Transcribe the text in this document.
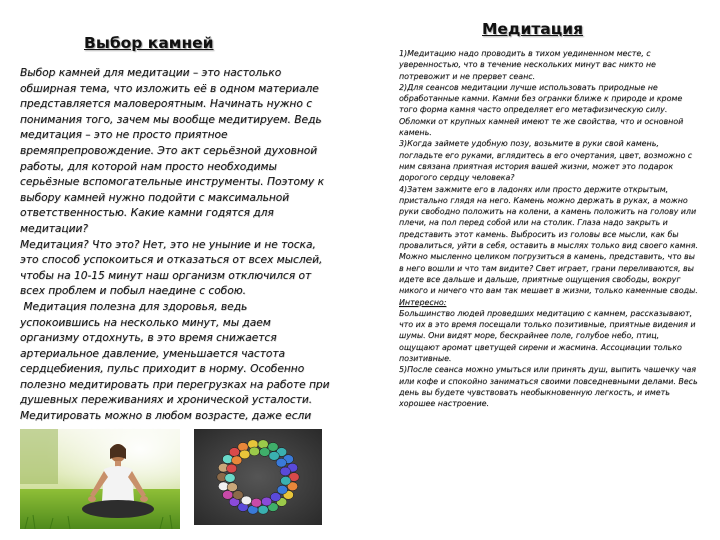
Выбор камней

Выбор камней для медитации – это настолько обширная тема, что изложить её в одном материале представляется маловероятным. Начинать нужно с понимания того, зачем мы вообще медитируем. Ведь медитация – это не просто приятное времяпрепровождение. Это акт серьёзной духовной работы, для которой нам просто необходимы серьёзные вспомогательные инструменты. Поэтому к выбору камней нужно подойти с максимальной ответственностью. Какие камни годятся для медитации?

Медитация? Что это? Нет, это не уныние и не тоска, это способ успокоиться и отказаться от всех мыслей, чтобы на 10-15 минут наш организм отключился от всех проблем и побыл наедине с собою.

Медитация полезна для здоровья, ведь успокоившись на несколько минут, мы даем организму отдохнуть, в это время снижается артериальное давление, уменьшается частота сердцебиения, пульс приходит в норму. Особенно полезно медитировать при перегрузках на работе при душевных переживаниях и хронической усталости. Медитировать можно в любом возрасте, даже если

Медитация

1)Медитацию надо проводить в тихом уединенном месте, с уверенностью, что в течение нескольких минут вас никто не потревожит и не прервет сеанс.

2)Для сеансов медитации лучше использовать природные не обработанные камни. Камни без огранки ближе к природе и кроме того форма камня часто определяет его метафизическую силу. Обломки от крупных камней имеют те же свойства, что и основной камень.

3)Когда займете удобную позу, возьмите в руки свой камень, погладьте его руками, вглядитесь в его очертания, цвет, возможно с ним связана приятная история вашей жизни, может это подарок дорогого сердцу человека?

4)Затем зажмите его в ладонях или просто держите открытым, пристально глядя на него. Камень можно держать в руках, а можно руки свободно положить на колени, а камень положить на голову или плечи, на пол перед собой или на столик. Глаза надо закрыть и представить этот камень. Выбросить из головы все мысли, как бы провалиться, уйти в себя, оставить в мыслях только вид своего камня.

Можно мысленно целиком погрузиться в камень, представить, что вы в него вошли и что там видите? Свет играет, грани переливаются, вы идете все дальше и дальше, приятные ощущения свободы, вокруг никого и ничего что вам так мешает в жизни, только каменные своды.

Интересно:

Большинство людей проведших медитацию с камнем, рассказывают, что их в это время посещали только позитивные, приятные видения и шумы. Они видят море, бескрайнее поле, голубое небо, птиц, ощущают аромат цветущей сирени и жасмина. Ассоциации только позитивные.

5)После сеанса можно умыться или принять душ, выпить чашечку чая или кофе и спокойно заниматься своими повседневными делами. Весь день вы будете чувствовать необыкновенную легкость, и иметь хорошее настроение.
